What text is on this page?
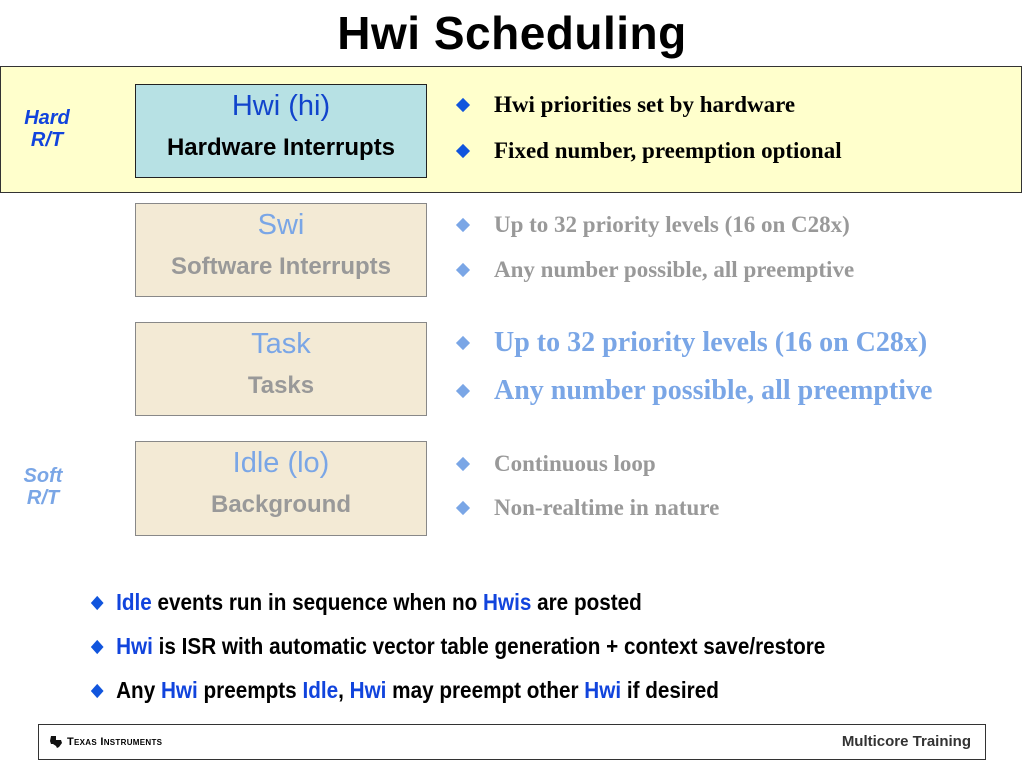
Hwi Scheduling
Hard
R/T
Soft
R/T
Hwi (hi)
Hardware Interrupts
Swi
Software Interrupts
Task
Tasks
Idle (lo)
Background
Hwi priorities set by hardware
Fixed number, preemption optional
Up to 32 priority levels (16 on C28x)
Any number possible, all preemptive
Up to 32 priority levels (16 on C28x)
Any number possible, all preemptive
Continuous loop
Non-realtime in nature
Idle events run in sequence when no Hwis are posted
Hwi is ISR with automatic vector table generation + context save/restore
Any Hwi preempts Idle, Hwi may preempt other Hwi if desired
Texas Instruments	Multicore Training
